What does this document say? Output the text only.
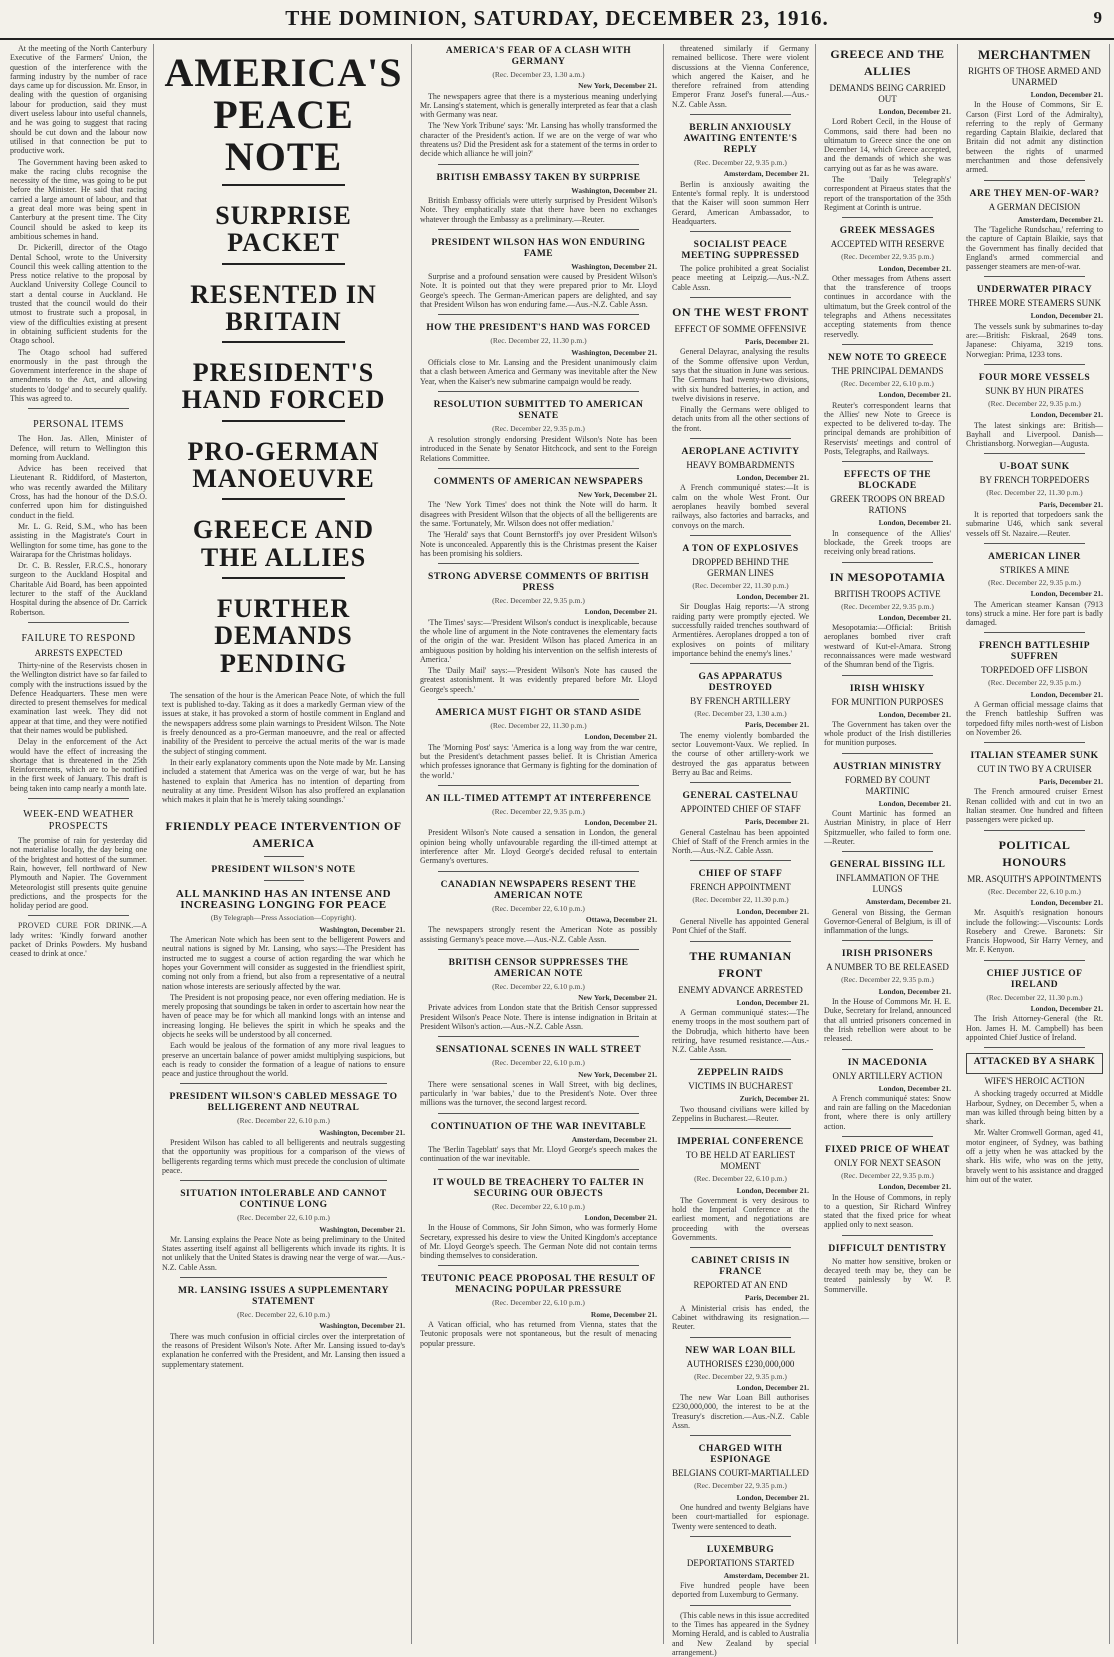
THE DOMINION, SATURDAY, DECEMBER 23, 1916.	9

At the meeting of the North Canterbury Executive of the Farmers' Union, the question of the interference with the farming industry by the number of race days came up for discussion. Mr. Ensor, in dealing with the question of organising labour for production, said they must divert useless labour into useful channels, and he was going to suggest that racing should be cut down and the labour now utilised in that connection be put to productive work.

The Government having been asked to make the racing clubs recognise the necessity of the time, was going to be put before the Minister. He said that racing carried a large amount of labour, and that a great deal more was being spent in Canterbury at the present time. The City Council should be asked to keep its ambitious schemes in hand.

Dr. Pickerill, director of the Otago Dental School, wrote to the University Council this week calling attention to the Press notice relative to the proposal by Auckland University College Council to start a dental course in Auckland. He trusted that the council would do their utmost to frustrate such a proposal, in view of the difficulties existing at present in obtaining sufficient students for the Otago school.

The Otago school had suffered enormously in the past through the Government interference in the shape of amendments to the Act, and allowing students to 'dodge' and to securely qualify. This was agreed to.

PERSONAL ITEMS

The Hon. Jas. Allen, Minister of Defence, will return to Wellington this morning from Auckland.

Advice has been received that Lieutenant R. Riddiford, of Masterton, who was recently awarded the Military Cross, has had the honour of the D.S.O. conferred upon him for distinguished conduct in the field.

Mr. L. G. Reid, S.M., who has been assisting in the Magistrate's Court in Wellington for some time, has gone to the Wairarapa for the Christmas holidays.

Dr. C. B. Ressler, F.R.C.S., honorary surgeon to the Auckland Hospital and Charitable Aid Board, has been appointed lecturer to the staff of the Auckland Hospital during the absence of Dr. Carrick Robertson.

FAILURE TO RESPOND
ARRESTS EXPECTED

Thirty-nine of the Reservists chosen in the Wellington district have so far failed to comply with the instructions issued by the Defence Headquarters. These men were directed to present themselves for medical examination last week. They did not appear at that time, and they were notified that their names would be published.

Delay in the enforcement of the Act would have the effect of increasing the shortage that is threatened in the 25th Reinforcements, which are to be notified in the first week of January. This draft is being taken into camp nearly a month late.

WEEK-END WEATHER PROSPECTS

The promise of rain for yesterday did not materialise locally, the day being one of the brightest and hottest of the summer. Rain, however, fell northward of New Plymouth and Napier. The Government Meteorologist still presents quite genuine predictions, and the prospects for the holiday period are good.

PROVED CURE FOR DRINK.—A lady writes: 'Kindly forward another packet of Drinks Powders. My husband ceased to drink at once.'

AMERICA'S PEACE
NOTE
SURPRISE PACKET
RESENTED IN BRITAIN
PRESIDENT'S HAND FORCED
PRO-GERMAN MANOEUVRE
GREECE AND THE ALLIES
FURTHER DEMANDS PENDING

The sensation of the hour is the American Peace Note, of which the full text is published to-day. Taking as it does a markedly German view of the issues at stake, it has provoked a storm of hostile comment in England and the newspapers address some plain warnings to President Wilson. The Note is freely denounced as a pro-German manoeuvre, and the real or affected inability of the President to perceive the actual merits of the war is made the subject of stinging comment.

In their early explanatory comments upon the Note made by Mr. Lansing included a statement that America was on the verge of war, but he has hastened to explain that America has no intention of departing from neutrality at any time. President Wilson has also proffered an explanation which makes it plain that he is 'merely taking soundings.'

FRIENDLY PEACE INTERVENTION OF AMERICA
PRESIDENT WILSON'S NOTE
ALL MANKIND HAS AN INTENSE AND INCREASING LONGING FOR PEACE

(By Telegraph—Press Association—Copyright).

Washington, December 21.

The American Note which has been sent to the belligerent Powers and neutral nations is signed by Mr. Lansing, who says:—The President has instructed me to suggest a course of action regarding the war which he hopes your Government will consider as suggested in the friendliest spirit, coming not only from a friend, but also from a representative of a neutral nation whose interests are seriously affected by the war.

The President is not proposing peace, nor even offering mediation. He is merely proposing that soundings be taken in order to ascertain how near the haven of peace may be for which all mankind longs with an intense and increasing longing. He believes the spirit in which he speaks and the objects he seeks will be understood by all concerned.

Each would be jealous of the formation of any more rival leagues to preserve an uncertain balance of power amidst multiplying suspicions, but each is ready to consider the formation of a league of nations to ensure peace and justice throughout the world.

PRESIDENT WILSON'S CABLED MESSAGE TO BELLIGERENT AND NEUTRAL

(Rec. December 22, 6.10 p.m.)

Washington, December 21.

President Wilson has cabled to all belligerents and neutrals suggesting that the opportunity was propitious for a comparison of the views of belligerents regarding terms which must precede the conclusion of ultimate peace.

SITUATION INTOLERABLE AND CANNOT CONTINUE LONG

(Rec. December 22, 6.10 p.m.)

Washington, December 21.

Mr. Lansing explains the Peace Note as being preliminary to the United States asserting itself against all belligerents which invade its rights. It is not unlikely that the United States is drawing near the verge of war.—Aus.-N.Z. Cable Assn.

MR. LANSING ISSUES A SUPPLEMENTARY STATEMENT

(Rec. December 22, 6.10 p.m.)

Washington, December 21.

There was much confusion in official circles over the interpretation of the reasons of President Wilson's Note. After Mr. Lansing issued to-day's explanation he conferred with the President, and Mr. Lansing then issued a supplementary statement.

AMERICA'S FEAR OF A CLASH WITH GERMANY

(Rec. December 23, 1.30 a.m.)

New York, December 21.

The newspapers agree that there is a mysterious meaning underlying Mr. Lansing's statement, which is generally interpreted as fear that a clash with Germany was near.

The 'New York Tribune' says: 'Mr. Lansing has wholly transformed the character of the President's action. If we are on the verge of war who threatens us? Did the President ask for a statement of the terms in order to decide which alliance he will join?'

BRITISH EMBASSY TAKEN BY SURPRISE

Washington, December 21.

British Embassy officials were utterly surprised by President Wilson's Note. They emphatically state that there have been no exchanges whatever through the Embassy as a preliminary.—Reuter.

PRESIDENT WILSON HAS WON ENDURING FAME

Washington, December 21.

Surprise and a profound sensation were caused by President Wilson's Note. It is pointed out that they were prepared prior to Mr. Lloyd George's speech. The German-American papers are delighted, and say that President Wilson has won enduring fame.—Aus.-N.Z. Cable Assn.

HOW THE PRESIDENT'S HAND WAS FORCED

(Rec. December 22, 11.30 p.m.)

Washington, December 21.

Officials close to Mr. Lansing and the President unanimously claim that a clash between America and Germany was inevitable after the New Year, when the Kaiser's new submarine campaign would be ready.

RESOLUTION SUBMITTED TO AMERICAN SENATE

(Rec. December 22, 9.35 p.m.)

A resolution strongly endorsing President Wilson's Note has been introduced in the Senate by Senator Hitchcock, and sent to the Foreign Relations Committee.

COMMENTS OF AMERICAN NEWSPAPERS

New York, December 21.

The 'New York Times' does not think the Note will do harm. It disagrees with President Wilson that the objects of all the belligerents are the same. 'Fortunately, Mr. Wilson does not offer mediation.'

The 'Herald' says that Count Bernstorff's joy over President Wilson's Note is unconcealed. Apparently this is the Christmas present the Kaiser has been promising his soldiers.

STRONG ADVERSE COMMENTS OF BRITISH PRESS

(Rec. December 22, 9.35 p.m.)

London, December 21.

'The Times' says:—'President Wilson's conduct is inexplicable, because the whole line of argument in the Note contravenes the elementary facts of the origin of the war. President Wilson has placed America in an ambiguous position by holding his intervention on the selfish interests of America.'

The 'Daily Mail' says:—'President Wilson's Note has caused the greatest astonishment. It was evidently prepared before Mr. Lloyd George's speech.'

AMERICA MUST FIGHT OR STAND ASIDE

(Rec. December 22, 11.30 p.m.)

London, December 21.

The 'Morning Post' says: 'America is a long way from the war centre, but the President's detachment passes belief. It is Christian America which professes ignorance that Germany is fighting for the domination of the world.'

AN ILL-TIMED ATTEMPT AT INTERFERENCE

(Rec. December 22, 9.35 p.m.)

London, December 21.

President Wilson's Note caused a sensation in London, the general opinion being wholly unfavourable regarding the ill-timed attempt at interference after Mr. Lloyd George's decided refusal to entertain Germany's overtures.

CANADIAN NEWSPAPERS RESENT THE AMERICAN NOTE

(Rec. December 22, 6.10 p.m.)

Ottawa, December 21.

The newspapers strongly resent the American Note as possibly assisting Germany's peace move.—Aus.-N.Z. Cable Assn.

BRITISH CENSOR SUPPRESSES THE AMERICAN NOTE

(Rec. December 22, 6.10 p.m.)

New York, December 21.

Private advices from London state that the British Censor suppressed President Wilson's Peace Note. There is intense indignation in Britain at President Wilson's action.—Aus.-N.Z. Cable Assn.

SENSATIONAL SCENES IN WALL STREET

(Rec. December 22, 6.10 p.m.)

New York, December 21.

There were sensational scenes in Wall Street, with big declines, particularly in 'war babies,' due to the President's Note. Over three millions was the turnover, the second largest record.

CONTINUATION OF THE WAR INEVITABLE

Amsterdam, December 21.

The 'Berlin Tageblatt' says that Mr. Lloyd George's speech makes the continuation of the war inevitable.

IT WOULD BE TREACHERY TO FALTER IN SECURING OUR OBJECTS

(Rec. December 22, 6.10 p.m.)

London, December 21.

In the House of Commons, Sir John Simon, who was formerly Home Secretary, expressed his desire to view the United Kingdom's acceptance of Mr. Lloyd George's speech. The German Note did not contain terms binding themselves to consideration.

TEUTONIC PEACE PROPOSAL THE RESULT OF MENACING POPULAR PRESSURE

(Rec. December 22, 6.10 p.m.)

Rome, December 21.

A Vatican official, who has returned from Vienna, states that the Teutonic proposals were not spontaneous, but the result of menacing popular pressure.

threatened similarly if Germany remained bellicose. There were violent discussions at the Vienna Conference, which angered the Kaiser, and he therefore refrained from attending Emperor Franz Josef's funeral.—Aus.-N.Z. Cable Assn.

BERLIN ANXIOUSLY AWAITING ENTENTE'S REPLY

(Rec. December 22, 9.35 p.m.)

Amsterdam, December 21.

Berlin is anxiously awaiting the Entente's formal reply. It is understood that the Kaiser will soon summon Herr Gerard, American Ambassador, to Headquarters.

SOCIALIST PEACE MEETING SUPPRESSED

The police prohibited a great Socialist peace meeting at Leipzig.—Aus.-N.Z. Cable Assn.

ON THE WEST FRONT
EFFECT OF SOMME OFFENSIVE

Paris, December 21.

General Delayrac, analysing the results of the Somme offensive upon Verdun, says that the situation in June was serious. The Germans had twenty-two divisions, with six hundred batteries, in action, and twelve divisions in reserve.

Finally the Germans were obliged to detach units from all the other sections of the front.

AEROPLANE ACTIVITY
HEAVY BOMBARDMENTS

London, December 21.

A French communiqué states:—It is calm on the whole West Front. Our aeroplanes heavily bombed several railways, also factories and barracks, and convoys on the march.

A TON OF EXPLOSIVES
DROPPED BEHIND THE GERMAN LINES

(Rec. December 22, 11.30 p.m.)

London, December 21.

Sir Douglas Haig reports:—'A strong raiding party were promptly ejected. We successfully raided trenches southward of Armentières. Aeroplanes dropped a ton of explosives on points of military importance behind the enemy's lines.'

GAS APPARATUS DESTROYED
BY FRENCH ARTILLERY

(Rec. December 23, 1.30 a.m.)

Paris, December 21.

The enemy violently bombarded the sector Louvemont-Vaux. We replied. In the course of other artillery-work we destroyed the gas apparatus between Berry au Bac and Reims.

GENERAL CASTELNAU
APPOINTED CHIEF OF STAFF

Paris, December 21.

General Castelnau has been appointed Chief of Staff of the French armies in the North.—Aus.-N.Z. Cable Assn.

CHIEF OF STAFF
FRENCH APPOINTMENT

(Rec. December 22, 11.30 p.m.)

London, December 21.

General Nivelle has appointed General Pont Chief of the Staff.

THE RUMANIAN FRONT
ENEMY ADVANCE ARRESTED

London, December 21.

A German communiqué states:—The enemy troops in the most southern part of the Dobrudja, which hitherto have been retiring, have resumed resistance.—Aus.-N.Z. Cable Assn.

ZEPPELIN RAIDS
VICTIMS IN BUCHAREST

Zurich, December 21.

Two thousand civilians were killed by Zeppelins in Bucharest.—Reuter.

IMPERIAL CONFERENCE
TO BE HELD AT EARLIEST MOMENT

(Rec. December 22, 6.10 p.m.)

London, December 21.

The Government is very desirous to hold the Imperial Conference at the earliest moment, and negotiations are proceeding with the overseas Governments.

CABINET CRISIS IN FRANCE
REPORTED AT AN END

Paris, December 21.

A Ministerial crisis has ended, the Cabinet withdrawing its resignation.—Reuter.

NEW WAR LOAN BILL
AUTHORISES £230,000,000

(Rec. December 22, 9.35 p.m.)

London, December 21.

The new War Loan Bill authorises £230,000,000, the interest to be at the Treasury's discretion.—Aus.-N.Z. Cable Assn.

CHARGED WITH ESPIONAGE
BELGIANS COURT-MARTIALLED

(Rec. December 22, 9.35 p.m.)

London, December 21.

One hundred and twenty Belgians have been court-martialled for espionage. Twenty were sentenced to death.

LUXEMBURG
DEPORTATIONS STARTED

Amsterdam, December 21.

Five hundred people have been deported from Luxemburg to Germany.

(This cable news in this issue accredited to the Times has appeared in the Sydney Morning Herald, and is cabled to Australia and New Zealand by special arrangement.)

GREECE AND THE ALLIES
DEMANDS BEING CARRIED OUT

London, December 21.

Lord Robert Cecil, in the House of Commons, said there had been no ultimatum to Greece since the one on December 14, which Greece accepted, and the demands of which she was carrying out as far as he was aware.

The 'Daily Telegraph's' correspondent at Piraeus states that the report of the transportation of the 35th Regiment at Corinth is untrue.

GREEK MESSAGES
ACCEPTED WITH RESERVE

(Rec. December 22, 9.35 p.m.)

London, December 21.

Other messages from Athens assert that the transference of troops continues in accordance with the ultimatum, but the Greek control of the telegraphs and Athens necessitates accepting statements from thence reservedly.

NEW NOTE TO GREECE
THE PRINCIPAL DEMANDS

(Rec. December 22, 6.10 p.m.)

London, December 21.

Reuter's correspondent learns that the Allies' new Note to Greece is expected to be delivered to-day. The principal demands are prohibition of Reservists' meetings and control of Posts, Telegraphs, and Railways.

EFFECTS OF THE BLOCKADE
GREEK TROOPS ON BREAD RATIONS

London, December 21.

In consequence of the Allies' blockade, the Greek troops are receiving only bread rations.

IN MESOPOTAMIA
BRITISH TROOPS ACTIVE

(Rec. December 22, 9.35 p.m.)

London, December 21.

Mesopotamia:—Official: British aeroplanes bombed river craft westward of Kut-el-Amara. Strong reconnaissances were made westward of the Shumran bend of the Tigris.

IRISH WHISKY
FOR MUNITION PURPOSES

London, December 21.

The Government has taken over the whole product of the Irish distilleries for munition purposes.

AUSTRIAN MINISTRY
FORMED BY COUNT MARTINIC

London, December 21.

Count Martinic has formed an Austrian Ministry, in place of Herr Spitzmueller, who failed to form one.—Reuter.

GENERAL BISSING ILL
INFLAMMATION OF THE LUNGS

Amsterdam, December 21.

General von Bissing, the German Governor-General of Belgium, is ill of inflammation of the lungs.

IRISH PRISONERS
A NUMBER TO BE RELEASED

(Rec. December 22, 9.35 p.m.)

London, December 21.

In the House of Commons Mr. H. E. Duke, Secretary for Ireland, announced that all untried prisoners concerned in the Irish rebellion were about to be released.

IN MACEDONIA
ONLY ARTILLERY ACTION

London, December 21.

A French communiqué states: Snow and rain are falling on the Macedonian front, where there is only artillery action.

FIXED PRICE OF WHEAT
ONLY FOR NEXT SEASON

(Rec. December 22, 9.35 p.m.)

London, December 21.

In the House of Commons, in reply to a question, Sir Richard Winfrey stated that the fixed price for wheat applied only to next season.

DIFFICULT DENTISTRY

No matter how sensitive, broken or decayed teeth may be, they can be treated painlessly by W. P. Sommerville.

MERCHANTMEN
RIGHTS OF THOSE ARMED AND UNARMED

London, December 21.

In the House of Commons, Sir E. Carson (First Lord of the Admiralty), referring to the reply of Germany regarding Captain Blaikie, declared that Britain did not admit any distinction between the rights of unarmed merchantmen and those defensively armed.

ARE THEY MEN-OF-WAR?
A GERMAN DECISION

Amsterdam, December 21.

The 'Tageliche Rundschau,' referring to the capture of Captain Blaikie, says that the Government has finally decided that England's armed commercial and passenger steamers are men-of-war.

UNDERWATER PIRACY
THREE MORE STEAMERS SUNK

London, December 21.

The vessels sunk by submarines to-day are:—British: Fiskraal, 2649 tons. Japanese: Chiyama, 3219 tons. Norwegian: Prima, 1233 tons.

FOUR MORE VESSELS
SUNK BY HUN PIRATES

(Rec. December 22, 9.35 p.m.)

London, December 21.

The latest sinkings are: British—Bayhall and Liverpool. Danish—Christiansborg. Norwegian—Augusta.

U-BOAT SUNK
BY FRENCH TORPEDOERS

(Rec. December 22, 11.30 p.m.)

Paris, December 21.

It is reported that torpedoers sank the submarine U46, which sank several vessels off St. Nazaire.—Reuter.

AMERICAN LINER
STRIKES A MINE

(Rec. December 22, 9.35 p.m.)

London, December 21.

The American steamer Kansan (7913 tons) struck a mine. Her fore part is badly damaged.

FRENCH BATTLESHIP SUFFREN
TORPEDOED OFF LISBON

(Rec. December 22, 9.35 p.m.)

London, December 21.

A German official message claims that the French battleship Suffren was torpedoed fifty miles north-west of Lisbon on November 26.

ITALIAN STEAMER SUNK
CUT IN TWO BY A CRUISER

Paris, December 21.

The French armoured cruiser Ernest Renan collided with and cut in two an Italian steamer. One hundred and fifteen passengers were picked up.

POLITICAL HONOURS
MR. ASQUITH'S APPOINTMENTS

(Rec. December 22, 6.10 p.m.)

London, December 21.

Mr. Asquith's resignation honours include the following:—Viscounts: Lords Rosebery and Crewe. Baronets: Sir Francis Hopwood, Sir Harry Verney, and Mr. F. Kenyon.

CHIEF JUSTICE OF IRELAND

(Rec. December 22, 11.30 p.m.)

London, December 21.

The Irish Attorney-General (the Rt. Hon. James H. M. Campbell) has been appointed Chief Justice of Ireland.

ATTACKED BY A SHARK
WIFE'S HEROIC ACTION

A shocking tragedy occurred at Middle Harbour, Sydney, on December 5, when a man was killed through being bitten by a shark.

Mr. Walter Cromwell Gorman, aged 41, motor engineer, of Sydney, was bathing off a jetty when he was attacked by the shark. His wife, who was on the jetty, bravely went to his assistance and dragged him out of the water.
